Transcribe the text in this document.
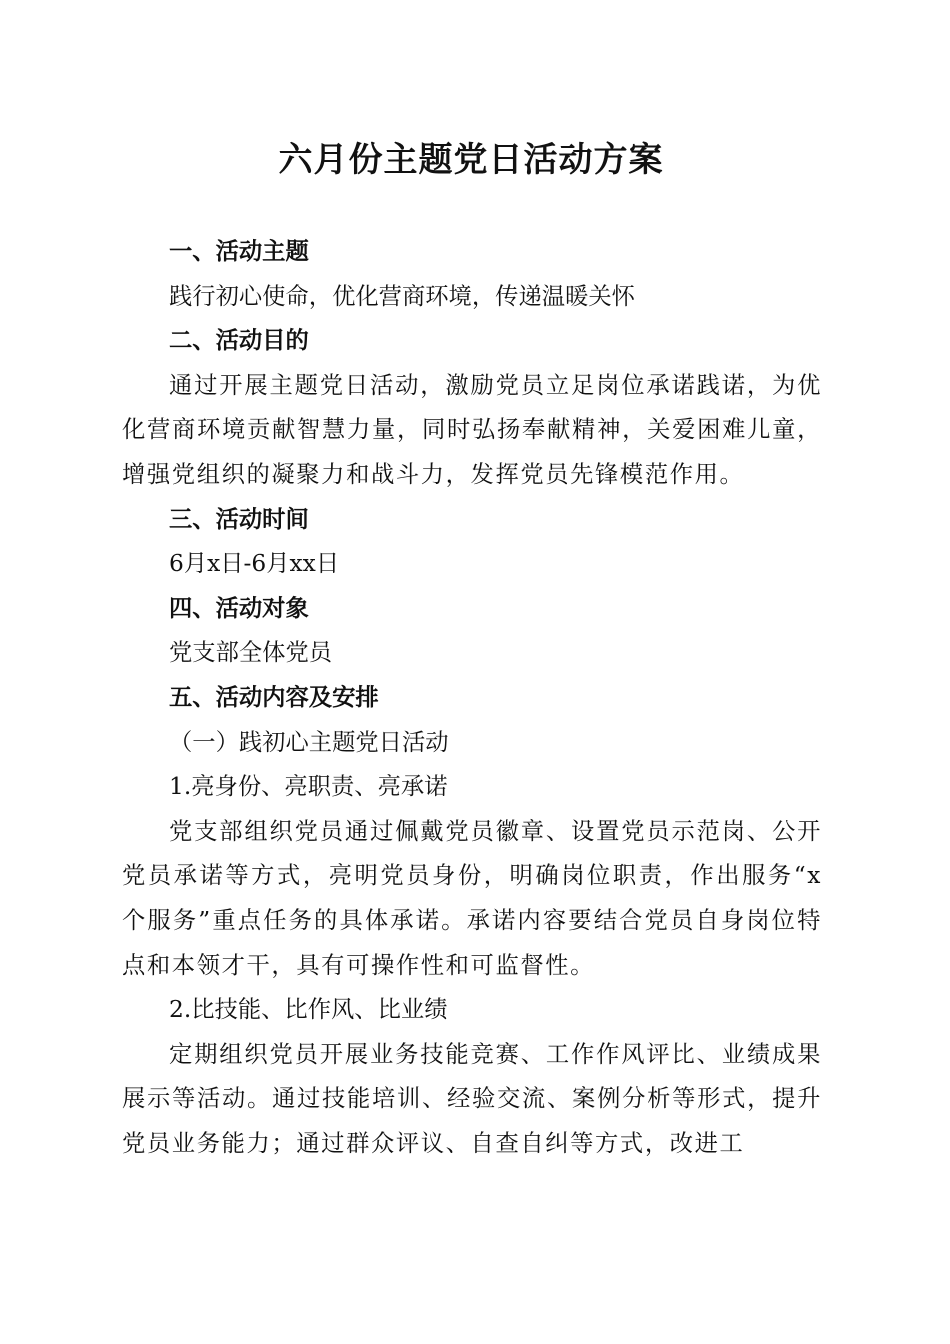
六月份主题党日活动方案

一、活动主题

践行初心使命，优化营商环境，传递温暖关怀

二、活动目的

通过开展主题党日活动，激励党员立足岗位承诺践诺，为优化营商环境贡献智慧力量，同时弘扬奉献精神，关爱困难儿童，增强党组织的凝聚力和战斗力，发挥党员先锋模范作用。

三、活动时间

6月x日-6月xx日

四、活动对象

党支部全体党员

五、活动内容及安排

（一）践初心主题党日活动

1.亮身份、亮职责、亮承诺

党支部组织党员通过佩戴党员徽章、设置党员示范岗、公开党员承诺等方式，亮明党员身份，明确岗位职责，作出服务“x个服务”重点任务的具体承诺。承诺内容要结合党员自身岗位特点和本领才干，具有可操作性和可监督性。

2.比技能、比作风、比业绩

定期组织党员开展业务技能竞赛、工作作风评比、业绩成果展示等活动。通过技能培训、经验交流、案例分析等形式，提升党员业务能力；通过群众评议、自查自纠等方式，改进工
